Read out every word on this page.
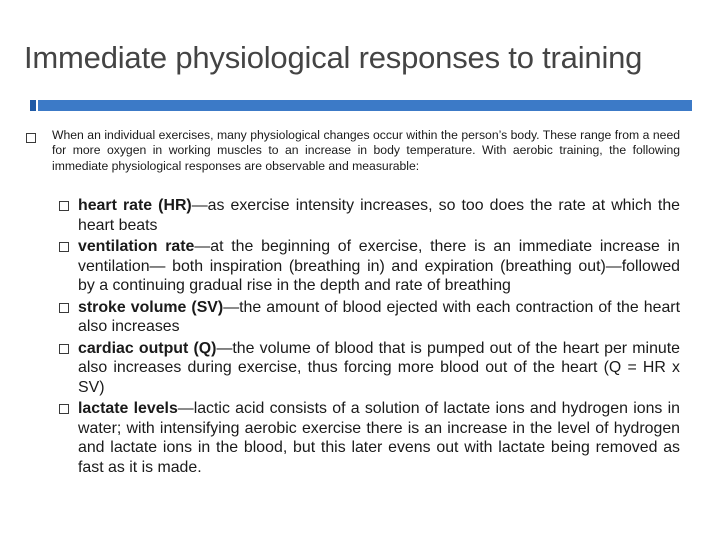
Immediate physiological responses to training
When an individual exercises, many physiological changes occur within the person’s body. These range from a need for more oxygen in working muscles to an increase in body temperature. With aerobic training, the following immediate physiological responses are observable and measurable:
heart rate (HR)—as exercise intensity increases, so too does the rate at which the heart beats
ventilation rate—at the beginning of exercise, there is an immediate increase in ventilation— both inspiration (breathing in) and expiration (breathing out)—followed by a continuing gradual rise in the depth and rate of breathing
stroke volume (SV)—the amount of blood ejected with each contraction of the heart also increases
cardiac output (Q)—the volume of blood that is pumped out of the heart per minute also increases during exercise, thus forcing more blood out of the heart (Q = HR x SV)
lactate levels—lactic acid consists of a solution of lactate ions and hydrogen ions in water; with intensifying aerobic exercise there is an increase in the level of hydrogen and lactate ions in the blood, but this later evens out with lactate being removed as fast as it is made.
